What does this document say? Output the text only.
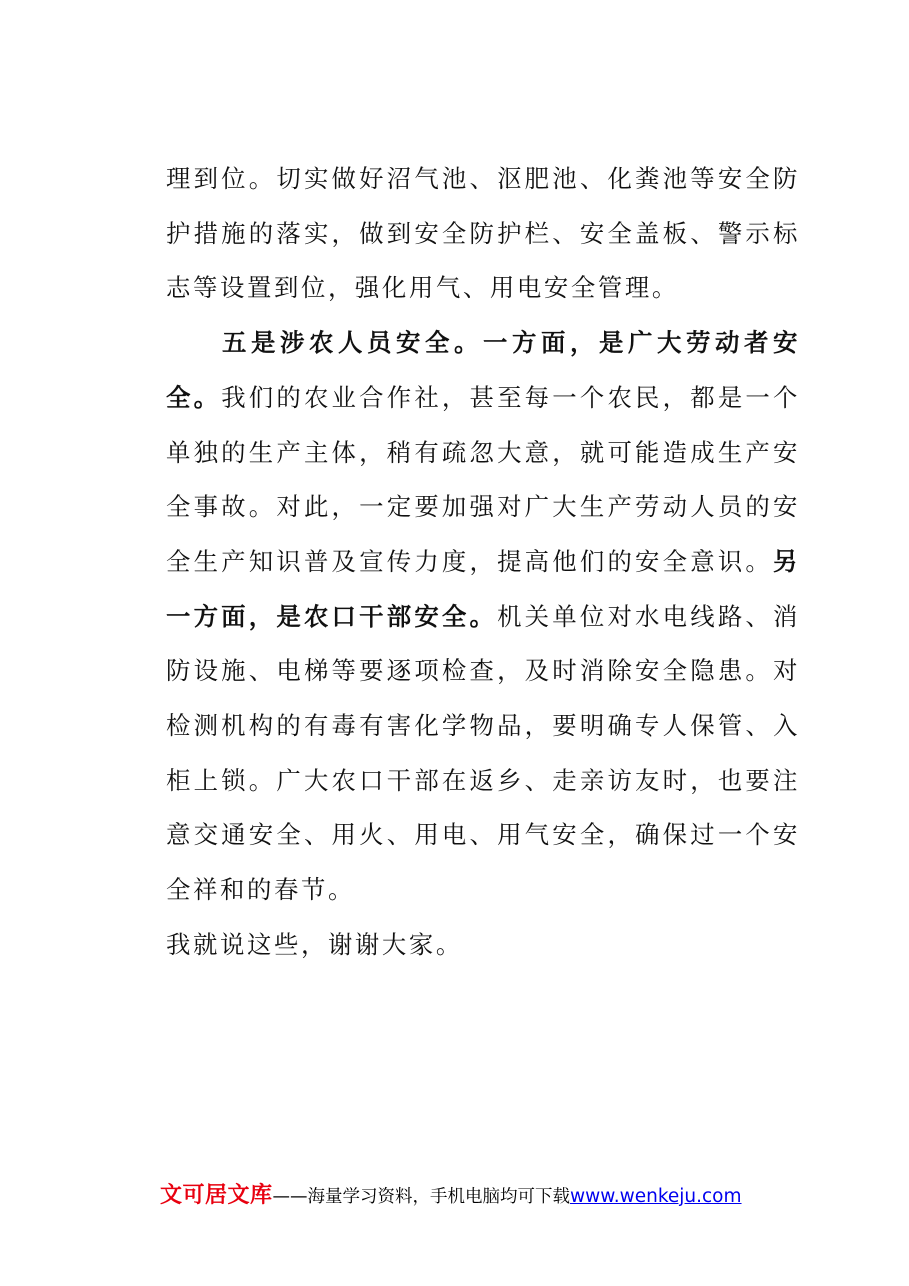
理到位。切实做好沼气池、沤肥池、化粪池等安全防护措施的落实，做到安全防护栏、安全盖板、警示标志等设置到位，强化用气、用电安全管理。

五是涉农人员安全。一方面，是广大劳动者安全。我们的农业合作社，甚至每一个农民，都是一个单独的生产主体，稍有疏忽大意，就可能造成生产安全事故。对此，一定要加强对广大生产劳动人员的安全生产知识普及宣传力度，提高他们的安全意识。另一方面，是农口干部安全。机关单位对水电线路、消防设施、电梯等要逐项检查，及时消除安全隐患。对检测机构的有毒有害化学物品，要明确专人保管、入柜上锁。广大农口干部在返乡、走亲访友时，也要注意交通安全、用火、用电、用气安全，确保过一个安全祥和的春节。

我就说这些，谢谢大家。

文可居文库——海量学习资料，手机电脑均可下载www.wenkeju.com
